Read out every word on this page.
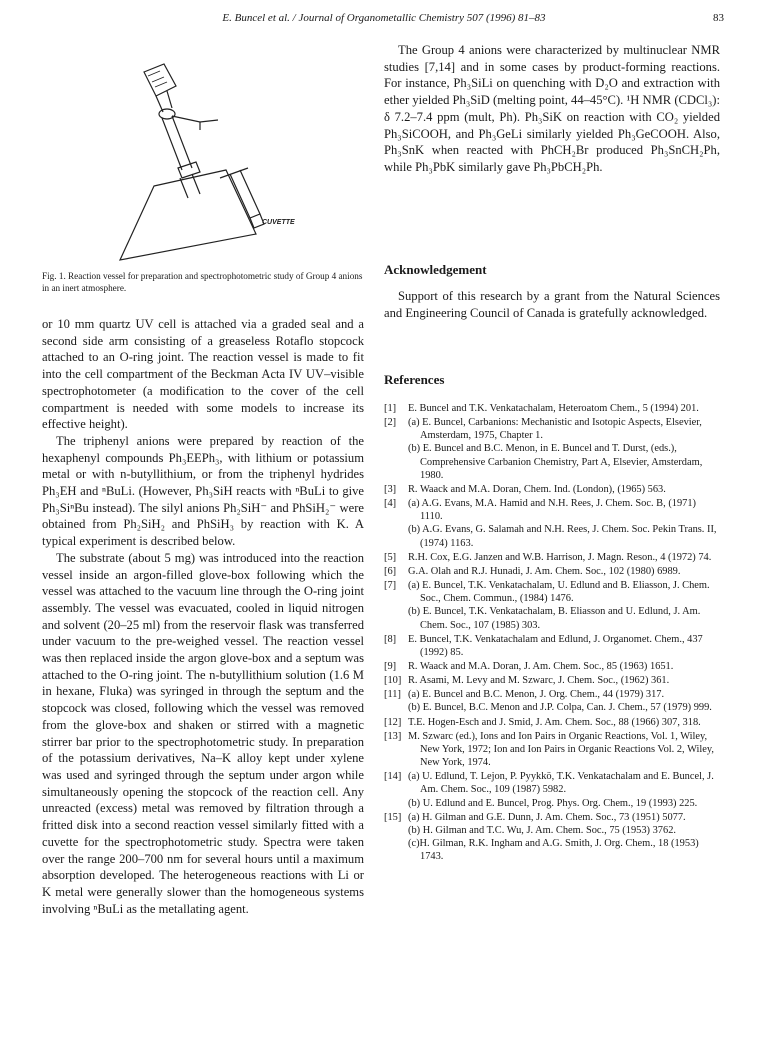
E. Buncel et al. / Journal of Organometallic Chemistry 507 (1996) 81–83	83
CUVETTE
Fig. 1. Reaction vessel for preparation and spectrophotometric study of Group 4 anions in an inert atmosphere.

or 10 mm quartz UV cell is attached via a graded seal and a second side arm consisting of a greaseless Rotaflo stopcock attached to an O-ring joint. The reaction vessel is made to fit into the cell compartment of the Beckman Acta IV UV–visible spectrophotometer (a modification to the cover of the cell compartment is needed with some models to increase its effective height).

The triphenyl anions were prepared by reaction of the hexaphenyl compounds Ph₃EEPh₃, with lithium or potassium metal or with n-butyllithium, or from the triphenyl hydrides Ph₃EH and ⁿBuLi. (However, Ph₃SiH reacts with ⁿBuLi to give Ph₃SiⁿBu instead). The silyl anions Ph₂SiH⁻ and PhSiH₂⁻ were obtained from Ph₂SiH₂ and PhSiH₃ by reaction with K. A typical experiment is described below.

The substrate (about 5 mg) was introduced into the reaction vessel inside an argon-filled glove-box following which the vessel was attached to the vacuum line through the O-ring joint assembly. The vessel was evacuated, cooled in liquid nitrogen and solvent (20–25 ml) from the reservoir flask was transferred under vacuum to the pre-weighed vessel. The reaction vessel was then replaced inside the argon glove-box and a septum was attached to the O-ring joint. The n-butyllithium solution (1.6 M in hexane, Fluka) was syringed in through the septum and the stopcock was closed, following which the vessel was removed from the glove-box and shaken or stirred with a magnetic stirrer bar prior to the spectrophotometric study. In preparation of the potassium derivatives, Na–K alloy kept under xylene was used and syringed through the septum under argon while simultaneously opening the stopcock of the reaction cell. Any unreacted (excess) metal was removed by filtration through a fritted disk into a second reaction vessel similarly fitted with a cuvette for the spectrophotometric study. Spectra were taken over the range 200–700 nm for several hours until a maximum absorption developed. The heterogeneous reactions with Li or K metal were generally slower than the homogeneous systems involving ⁿBuLi as the metallating agent.

The Group 4 anions were characterized by multinuclear NMR studies [7,14] and in some cases by product-forming reactions. For instance, Ph₃SiLi on quenching with D₂O and extraction with ether yielded Ph₃SiD (melting point, 44–45°C). ¹H NMR (CDCl₃): δ 7.2–7.4 ppm (mult, Ph). Ph₃SiK on reaction with CO₂ yielded Ph₃SiCOOH, and Ph₃GeLi similarly yielded Ph₃GeCOOH. Also, Ph₃SnK when reacted with PhCH₂Br produced Ph₃SnCH₂Ph, while Ph₃PbK similarly gave Ph₃PbCH₂Ph.

Acknowledgement

Support of this research by a grant from the Natural Sciences and Engineering Council of Canada is gratefully acknowledged.

References
[1]	E. Buncel and T.K. Venkatachalam, Heteroatom Chem., 5 (1994) 201.
[2]	(a) E. Buncel, Carbanions: Mechanistic and Isotopic Aspects, Elsevier, Amsterdam, 1975, Chapter 1.
(b) E. Buncel and B.C. Menon, in E. Buncel and T. Durst, (eds.), Comprehensive Carbanion Chemistry, Part A, Elsevier, Amsterdam, 1980.
[3]	R. Waack and M.A. Doran, Chem. Ind. (London), (1965) 563.
[4]	(a) A.G. Evans, M.A. Hamid and N.H. Rees, J. Chem. Soc. B, (1971) 1110.
(b) A.G. Evans, G. Salamah and N.H. Rees, J. Chem. Soc. Pekin Trans. II, (1974) 1163.
[5]	R.H. Cox, E.G. Janzen and W.B. Harrison, J. Magn. Reson., 4 (1972) 74.
[6]	G.A. Olah and R.J. Hunadi, J. Am. Chem. Soc., 102 (1980) 6989.
[7]	(a) E. Buncel, T.K. Venkatachalam, U. Edlund and B. Eliasson, J. Chem. Soc., Chem. Commun., (1984) 1476.
(b) E. Buncel, T.K. Venkatachalam, B. Eliasson and U. Edlund, J. Am. Chem. Soc., 107 (1985) 303.
[8]	E. Buncel, T.K. Venkatachalam and Edlund, J. Organomet. Chem., 437 (1992) 85.
[9]	R. Waack and M.A. Doran, J. Am. Chem. Soc., 85 (1963) 1651.
[10] R. Asami, M. Levy and M. Szwarc, J. Chem. Soc., (1962) 361.
[11] (a) E. Buncel and B.C. Menon, J. Org. Chem., 44 (1979) 317.
(b) E. Buncel, B.C. Menon and J.P. Colpa, Can. J. Chem., 57 (1979) 999.
[12] T.E. Hogen-Esch and J. Smid, J. Am. Chem. Soc., 88 (1966) 307, 318.
[13] M. Szwarc (ed.), Ions and Ion Pairs in Organic Reactions, Vol. 1, Wiley, New York, 1972; Ion and Ion Pairs in Organic Reactions Vol. 2, Wiley, New York, 1974.
[14] (a) U. Edlund, T. Lejon, P. Pyykkö, T.K. Venkatachalam and E. Buncel, J. Am. Chem. Soc., 109 (1987) 5982.
(b) U. Edlund and E. Buncel, Prog. Phys. Org. Chem., 19 (1993) 225.
[15] (a) H. Gilman and G.E. Dunn, J. Am. Chem. Soc., 73 (1951) 5077.
(b) H. Gilman and T.C. Wu, J. Am. Chem. Soc., 75 (1953) 3762.
(c)H. Gilman, R.K. Ingham and A.G. Smith, J. Org. Chem., 18 (1953) 1743.
